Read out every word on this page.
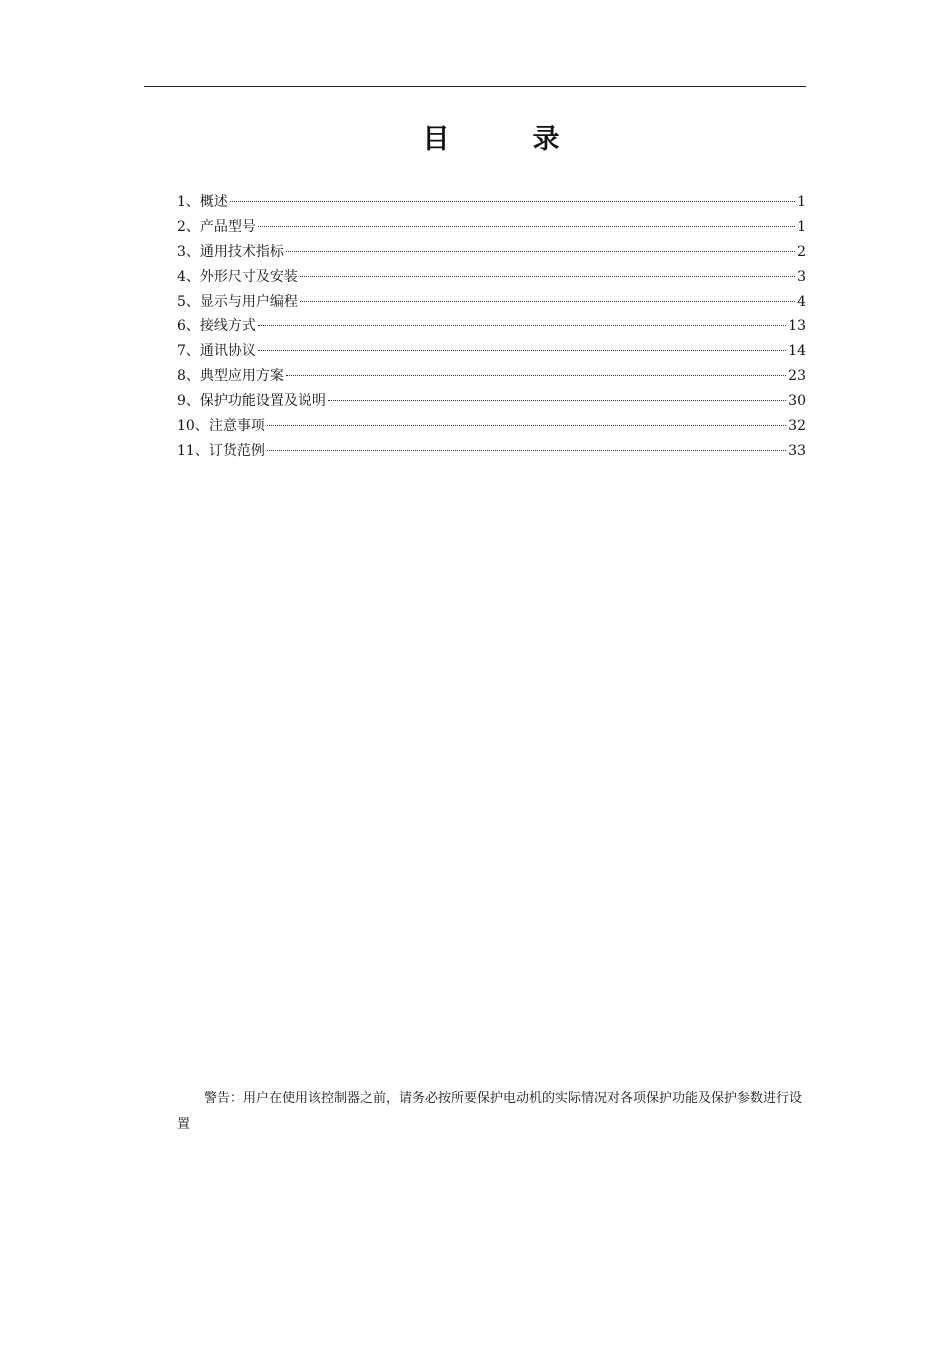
目　录
1、概述	1
2、产品型号	1
3、通用技术指标	2
4、外形尺寸及安装	3
5、显示与用户编程	4
6、接线方式	13
7、通讯协议	14
8、典型应用方案	23
9、保护功能设置及说明	30
10、注意事项	32
11、订货范例	33

警告：用户在使用该控制器之前，请务必按所要保护电动机的实际情况对各项保护功能及保护参数进行设置
